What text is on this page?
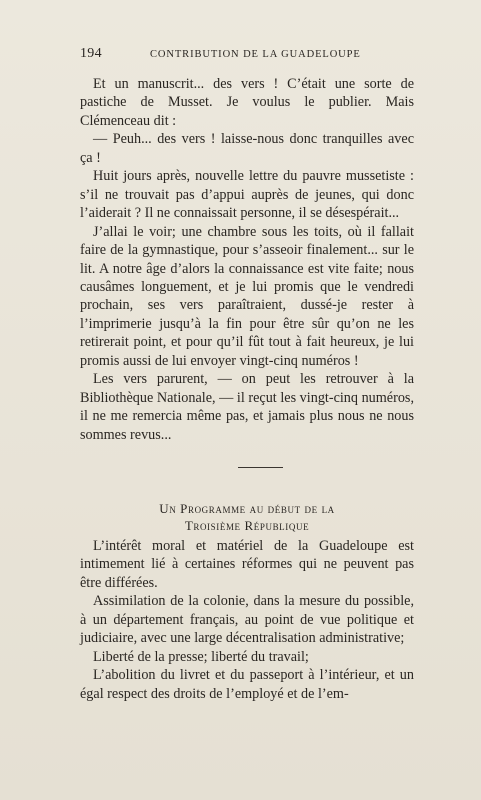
194	CONTRIBUTION DE LA GUADELOUPE

Et un manuscrit... des vers ! C’était une sorte de pastiche de Musset. Je voulus le publier. Mais Clémenceau dit :

— Peuh... des vers ! laisse-nous donc tranquilles avec ça !

Huit jours après, nouvelle lettre du pauvre mussetiste : s’il ne trouvait pas d’appui auprès de jeunes, qui donc l’aiderait ? Il ne connaissait personne, il se désespérait...

J’allai le voir; une chambre sous les toits, où il fallait faire de la gymnastique, pour s’asseoir finalement... sur le lit. A notre âge d’alors la connaissance est vite faite; nous causâmes longuement, et je lui promis que le vendredi prochain, ses vers paraîtraient, dussé-je rester à l’imprimerie jusqu’à la fin pour être sûr qu’on ne les retirerait point, et pour qu’il fût tout à fait heureux, je lui promis aussi de lui envoyer vingt-cinq numéros !

Les vers parurent, — on peut les retrouver à la Bibliothèque Nationale, — il reçut les vingt-cinq numéros, il ne me remercia même pas, et jamais plus nous ne nous sommes revus...

Un Programme au début de la
Troisième République

L’intérêt moral et matériel de la Guadeloupe est intimement lié à certaines réformes qui ne peuvent pas être différées.

Assimilation de la colonie, dans la mesure du possible, à un département français, au point de vue politique et judiciaire, avec une large décentralisation administrative;

Liberté de la presse; liberté du travail;

L’abolition du livret et du passeport à l’intérieur, et un égal respect des droits de l’employé et de l’em-
